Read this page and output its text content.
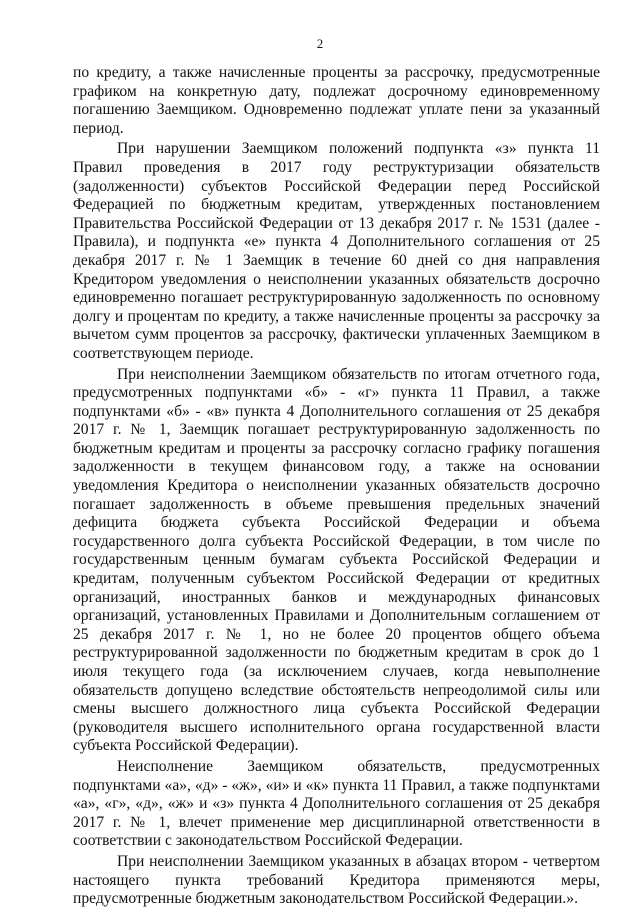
2

по кредиту, а также начисленные проценты за рассрочку, предусмотренные графиком на конкретную дату, подлежат досрочному единовременному погашению Заемщиком. Одновременно подлежат уплате пени за указанный период.

При нарушении Заемщиком положений подпункта «з» пункта 11 Правил проведения в 2017 году реструктуризации обязательств (задолженности) субъектов Российской Федерации перед Российской Федерацией по бюджетным кредитам, утвержденных постановлением Правительства Российской Федерации от 13 декабря 2017 г. № 1531 (далее - Правила), и подпункта «е» пункта 4 Дополнительного соглашения от 25 декабря 2017 г. № 1 Заемщик в течение 60 дней со дня направления Кредитором уведомления о неисполнении указанных обязательств досрочно единовременно погашает реструктурированную задолженность по основному долгу и процентам по кредиту, а также начисленные проценты за рассрочку за вычетом сумм процентов за рассрочку, фактически уплаченных Заемщиком в соответствующем периоде.

При неисполнении Заемщиком обязательств по итогам отчетного года, предусмотренных подпунктами «б» - «г» пункта 11 Правил, а также подпунктами «б» - «в» пункта 4 Дополнительного соглашения от 25 декабря 2017 г. № 1, Заемщик погашает реструктурированную задолженность по бюджетным кредитам и проценты за рассрочку согласно графику погашения задолженности в текущем финансовом году, а также на основании уведомления Кредитора о неисполнении указанных обязательств досрочно погашает задолженность в объеме превышения предельных значений дефицита бюджета субъекта Российской Федерации и объема государственного долга субъекта Российской Федерации, в том числе по государственным ценным бумагам субъекта Российской Федерации и кредитам, полученным субъектом Российской Федерации от кредитных организаций, иностранных банков и международных финансовых организаций, установленных Правилами и Дополнительным соглашением от 25 декабря 2017 г. № 1, но не более 20 процентов общего объема реструктурированной задолженности по бюджетным кредитам в срок до 1 июля текущего года (за исключением случаев, когда невыполнение обязательств допущено вследствие обстоятельств непреодолимой силы или смены высшего должностного лица субъекта Российской Федерации (руководителя высшего исполнительного органа государственной власти субъекта Российской Федерации).

Неисполнение Заемщиком обязательств, предусмотренных подпунктами «а», «д» - «ж», «и» и «к» пункта 11 Правил, а также подпунктами «а», «г», «д», «ж» и «з» пункта 4 Дополнительного соглашения от 25 декабря 2017 г. № 1, влечет применение мер дисциплинарной ответственности в соответствии с законодательством Российской Федерации.

При неисполнении Заемщиком указанных в абзацах втором - четвертом настоящего пункта требований Кредитора применяются меры, предусмотренные бюджетным законодательством Российской Федерации.».
